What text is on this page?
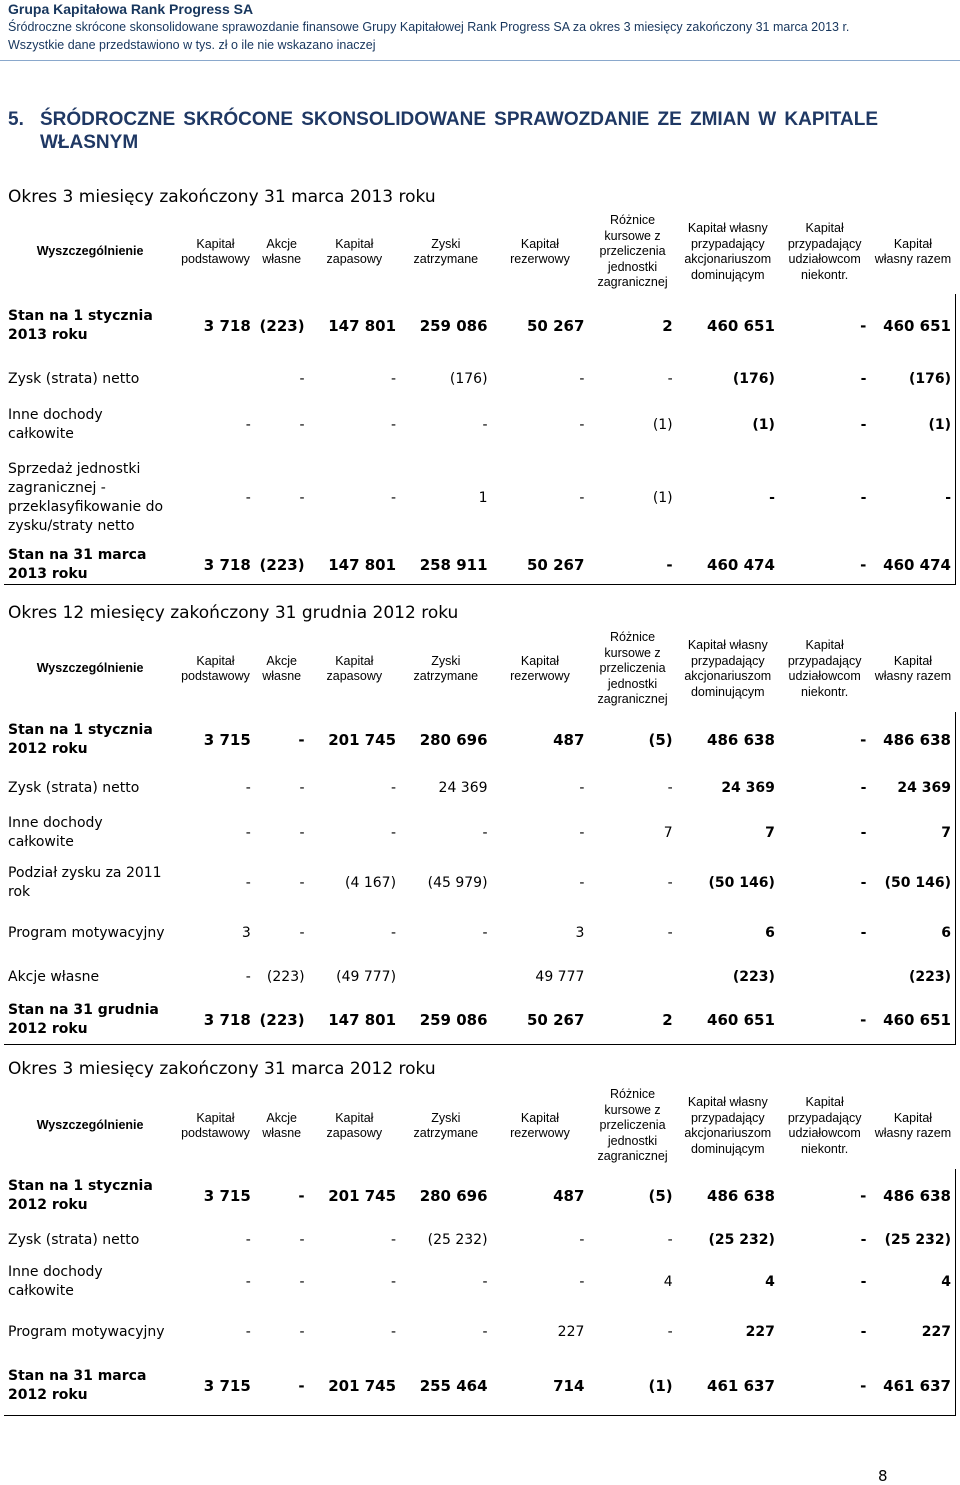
Grupa Kapitałowa Rank Progress SA
Śródroczne skrócone skonsolidowane sprawozdanie finansowe Grupy Kapitałowej Rank Progress SA za okres 3 miesięcy zakończony 31 marca 2013 r.
Wszystkie dane przedstawiono w tys. zł o ile nie wskazano inaczej
5. ŚRÓDROCZNE SKRÓCONE SKONSOLIDOWANE SPRAWOZDANIE ZE ZMIAN W KAPITALE WŁASNYM
Okres 3 miesięcy zakończony 31 marca 2013 roku
Wyszczególnienie	Kapitał podstawowy	Akcje własne	Kapitał zapasowy	Zyski zatrzymane	Kapitał rezerwowy	Różnice kursowe z przeliczenia jednostki zagranicznej	Kapitał własny przypadający akcjonariuszom dominującym	Kapitał przypadający udziałowcom niekontr.	Kapitał własny razem
Stan na 1 stycznia 2013 roku	3 718	(223)	147 801	259 086	50 267	2	460 651	-	460 651
Zysk (strata) netto		-	-	(176)	-	-	(176)	-	(176)
Inne dochody całkowite	-	-	-	-	-	(1)	(1)	-	(1)
Sprzedaż jednostki zagranicznej - przeklasyfikowanie do zysku/straty netto	-	-	-	1	-	(1)	-	-	-
Stan na 31 marca 2013 roku	3 718	(223)	147 801	258 911	50 267	-	460 474	-	460 474
Okres 12 miesięcy zakończony 31 grudnia 2012 roku
Wyszczególnienie	Kapitał podstawowy	Akcje własne	Kapitał zapasowy	Zyski zatrzymane	Kapitał rezerwowy	Różnice kursowe z przeliczenia jednostki zagranicznej	Kapitał własny przypadający akcjonariuszom dominującym	Kapitał przypadający udziałowcom niekontr.	Kapitał własny razem
Stan na 1 stycznia 2012 roku	3 715	-	201 745	280 696	487	(5)	486 638	-	486 638
Zysk (strata) netto	-	-	-	24 369	-	-	24 369	-	24 369
Inne dochody całkowite	-	-	-	-	-	7	7	-	7
Podział zysku za 2011 rok	-	-	(4 167)	(45 979)	-	-	(50 146)	-	(50 146)
Program motywacyjny	3	-	-	-	3	-	6	-	6
Akcje własne	-	(223)	(49 777)		49 777		(223)		(223)
Stan na 31 grudnia 2012 roku	3 718	(223)	147 801	259 086	50 267	2	460 651	-	460 651
Okres 3 miesięcy zakończony 31 marca 2012 roku
Wyszczególnienie	Kapitał podstawowy	Akcje własne	Kapitał zapasowy	Zyski zatrzymane	Kapitał rezerwowy	Różnice kursowe z przeliczenia jednostki zagranicznej	Kapitał własny przypadający akcjonariuszom dominującym	Kapitał przypadający udziałowcom niekontr.	Kapitał własny razem
Stan na 1 stycznia 2012 roku	3 715	-	201 745	280 696	487	(5)	486 638	-	486 638
Zysk (strata) netto	-	-	-	(25 232)	-	-	(25 232)	-	(25 232)
Inne dochody całkowite	-	-	-	-	-	4	4	-	4
Program motywacyjny	-	-	-	-	227	-	227	-	227
Stan na 31 marca 2012 roku	3 715	-	201 745	255 464	714	(1)	461 637	-	461 637
8
